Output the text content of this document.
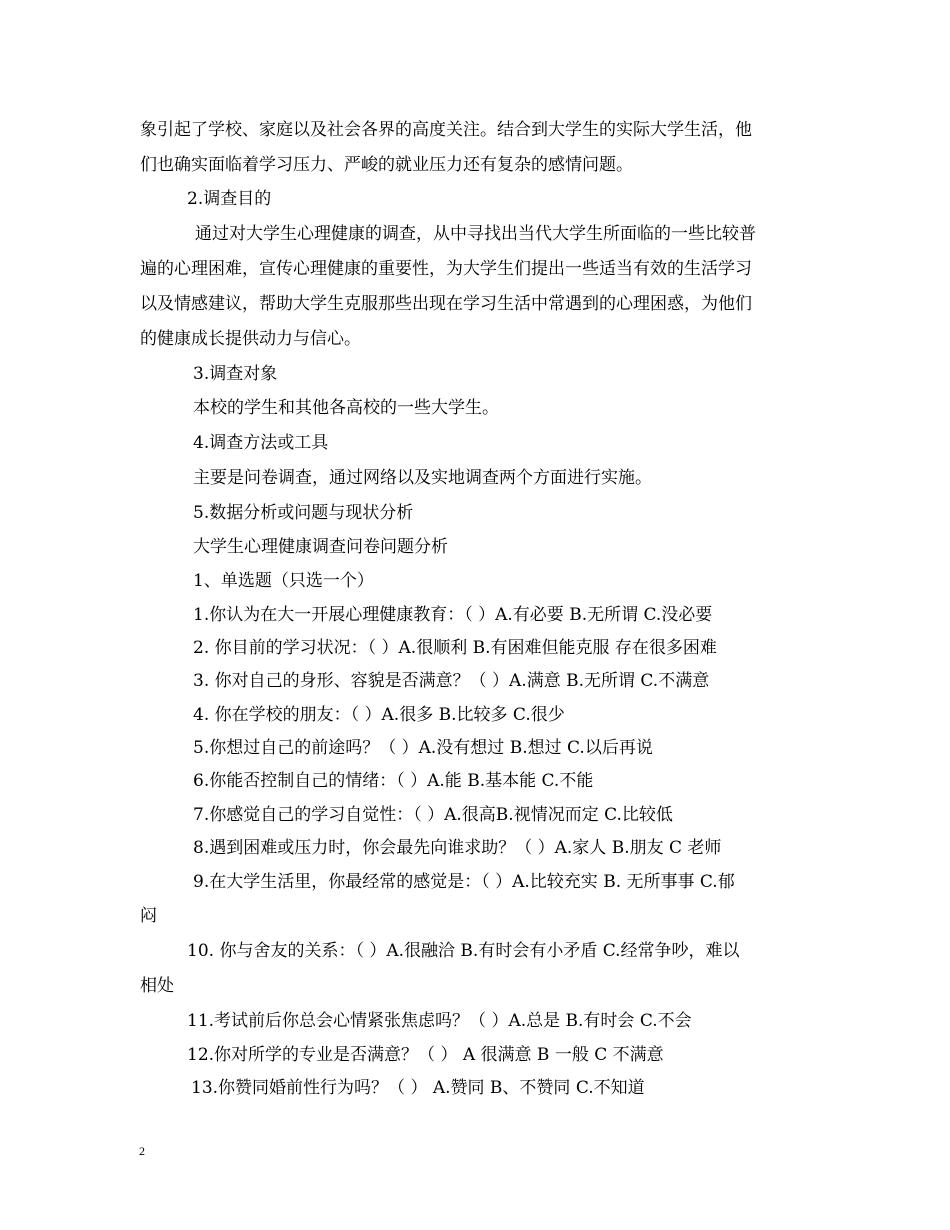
象引起了学校、家庭以及社会各界的高度关注。结合到大学生的实际大学生活，他
们也确实面临着学习压力、严峻的就业压力还有复杂的感情问题。
2.调查目的
通过对大学生心理健康的调查，从中寻找出当代大学生所面临的一些比较普
遍的心理困难，宣传心理健康的重要性，为大学生们提出一些适当有效的生活学习
以及情感建议，帮助大学生克服那些出现在学习生活中常遇到的心理困惑，为他们
的健康成长提供动力与信心。
3.调查对象
本校的学生和其他各高校的一些大学生。
4.调查方法或工具
主要是问卷调查，通过网络以及实地调查两个方面进行实施。
5.数据分析或问题与现状分析
大学生心理健康调查问卷问题分析
1、单选题（只选一个）
1.你认为在大一开展心理健康教育：（ ）A.有必要 B.无所谓 C.没必要
2. 你目前的学习状况：（ ）A.很顺利 B.有困难但能克服 存在很多困难
3. 你对自己的身形、容貌是否满意？（ ）A.满意 B.无所谓 C.不满意
4. 你在学校的朋友：（ ）A.很多 B.比较多 C.很少
5.你想过自己的前途吗？（ ）A.没有想过 B.想过 C.以后再说
6.你能否控制自己的情绪：（ ）A.能 B.基本能 C.不能
7.你感觉自己的学习自觉性：（ ）A.很高B.视情况而定 C.比较低
8.遇到困难或压力时，你会最先向谁求助？（ ）A.家人 B.朋友 C 老师
9.在大学生活里，你最经常的感觉是：（ ）A.比较充实 B. 无所事事 C.郁
闷
10. 你与舍友的关系：（ ）A.很融洽 B.有时会有小矛盾 C.经常争吵，难以
相处
11.考试前后你总会心情紧张焦虑吗？（ ）A.总是 B.有时会 C.不会
12.你对所学的专业是否满意？（ ） A 很满意 B 一般 C 不满意
13.你赞同婚前性行为吗？（ ） A.赞同 B、不赞同 C.不知道
2
